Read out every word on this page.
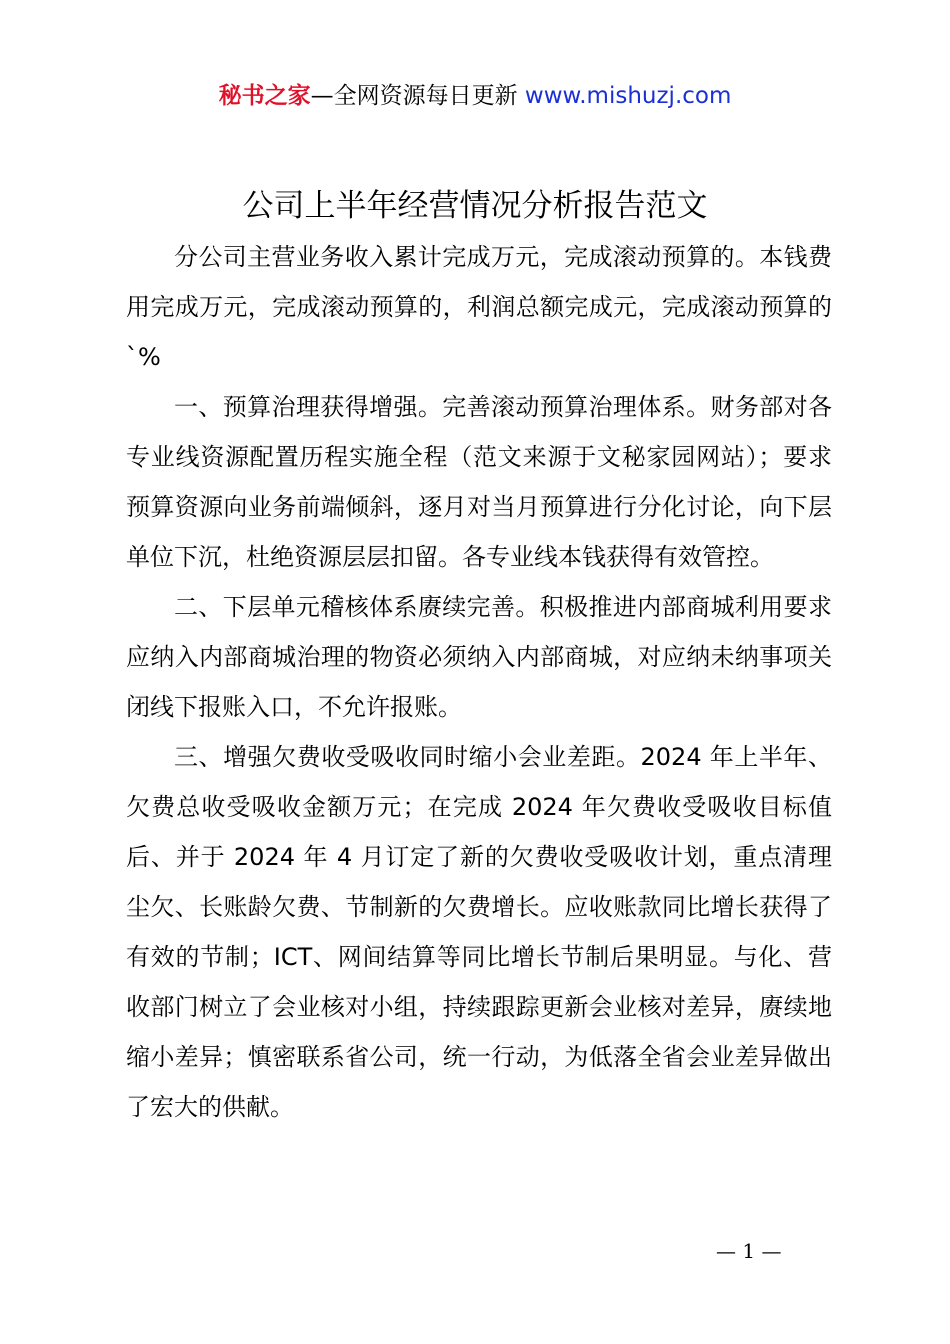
秘书之家—全网资源每日更新 www.mishuzj.com
公司上半年经营情况分析报告范文

分公司主营业务收入累计完成万元，完成滚动预算的。本钱费用完成万元，完成滚动预算的，利润总额完成元，完成滚动预算的`%

一、预算治理获得增强。完善滚动预算治理体系。财务部对各专业线资源配置历程实施全程（范文来源于文秘家园网站）；要求预算资源向业务前端倾斜，逐月对当月预算进行分化讨论，向下层单位下沉，杜绝资源层层扣留。各专业线本钱获得有效管控。

二、下层单元稽核体系赓续完善。积极推进内部商城利用要求应纳入内部商城治理的物资必须纳入内部商城，对应纳未纳事项关闭线下报账入口，不允许报账。

三、增强欠费收受吸收同时缩小会业差距。2024 年上半年、欠费总收受吸收金额万元；在完成 2024 年欠费收受吸收目标值后、并于 2024 年 4 月订定了新的欠费收受吸收计划，重点清理尘欠、长账龄欠费、节制新的欠费增长。应收账款同比增长获得了有效的节制；ICT、网间结算等同比增长节制后果明显。与化、营收部门树立了会业核对小组，持续跟踪更新会业核对差异，赓续地缩小差异；慎密联系省公司，统一行动，为低落全省会业差异做出了宏大的供献。

— 1 —
